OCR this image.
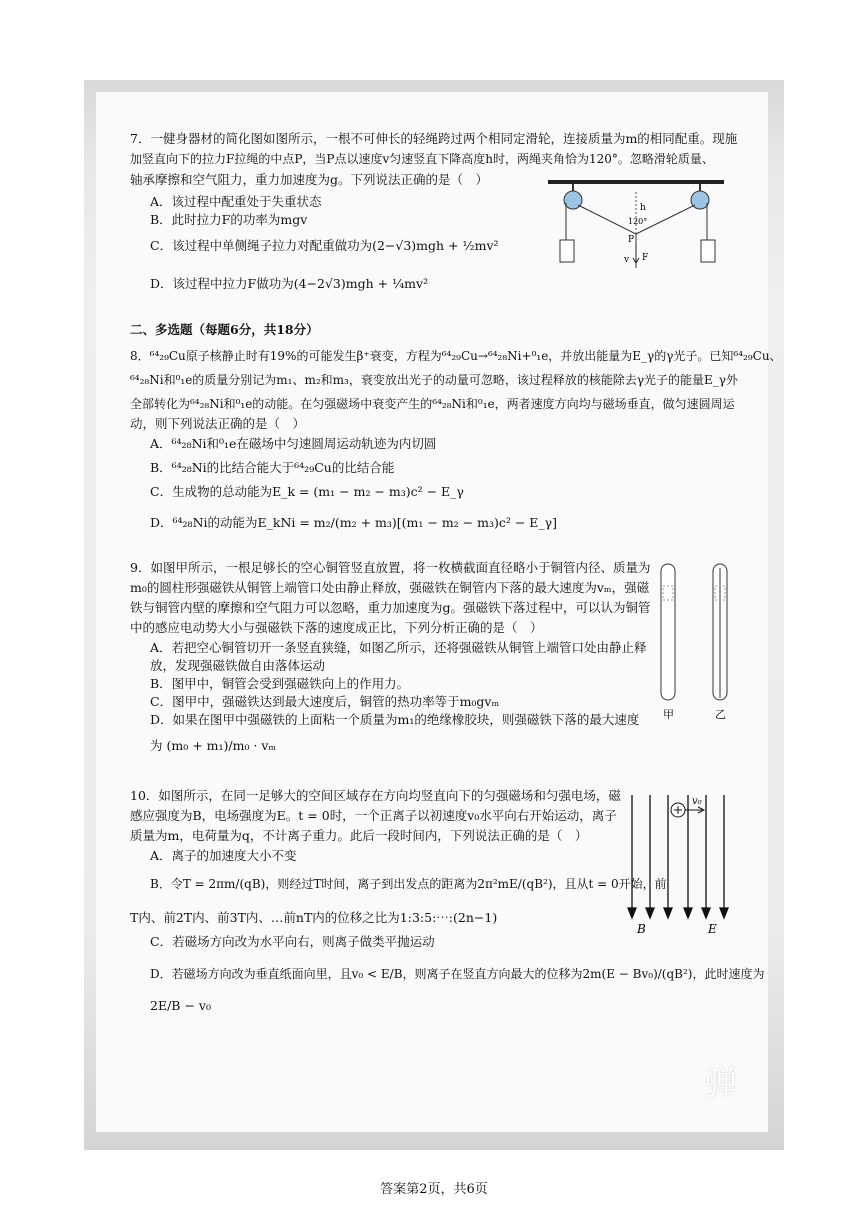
7．一健身器材的简化图如图所示，一根不可伸长的轻绳跨过两个相同定滑轮，连接质量为m的相同配重。现施
加竖直向下的拉力F拉绳的中点P，当P点以速度v匀速竖直下降高度h时，两绳夹角恰为120°。忽略滑轮质量、
轴承摩擦和空气阻力，重力加速度为g。下列说法正确的是（　）
A．该过程中配重处于失重状态
B．此时拉力F的功率为mgv
C．该过程中单侧绳子拉力对配重做功为(2−√3)mgh + ½mv²
D．该过程中拉力F做功为(4−2√3)mgh + ¼mv²
h
120°
P
v F
二、多选题（每题6分，共18分）
8．⁶⁴₂₉Cu原子核静止时有19%的可能发生β⁺衰变，方程为⁶⁴₂₉Cu→⁶⁴₂₈Ni+⁰₁e，并放出能量为E_γ的γ光子。已知⁶⁴₂₉Cu、
⁶⁴₂₈Ni和⁰₁e的质量分别记为m₁、m₂和m₃，衰变放出光子的动量可忽略，该过程释放的核能除去γ光子的能量E_γ外
全部转化为⁶⁴₂₈Ni和⁰₁e的动能。在匀强磁场中衰变产生的⁶⁴₂₈Ni和⁰₁e，两者速度方向均与磁场垂直，做匀速圆周运
动，则下列说法正确的是（　）
A．⁶⁴₂₈Ni和⁰₁e在磁场中匀速圆周运动轨迹为内切圆
B．⁶⁴₂₈Ni的比结合能大于⁶⁴₂₉Cu的比结合能
C．生成物的总动能为E_k = (m₁ − m₂ − m₃)c² − E_γ
D．⁶⁴₂₈Ni的动能为E_kNi = m₂/(m₂ + m₃)[(m₁ − m₂ − m₃)c² − E_γ]
9．如图甲所示，一根足够长的空心铜管竖直放置，将一枚横截面直径略小于铜管内径、质量为
m₀的圆柱形强磁铁从铜管上端管口处由静止释放，强磁铁在铜管内下落的最大速度为vₘ，强磁
铁与铜管内壁的摩擦和空气阻力可以忽略，重力加速度为g。强磁铁下落过程中，可以认为铜管
中的感应电动势大小与强磁铁下落的速度成正比，下列分析正确的是（　）
A．若把空心铜管切开一条竖直狭缝，如图乙所示，还将强磁铁从铜管上端管口处由静止释
放，发现强磁铁做自由落体运动
B．图甲中，铜管会受到强磁铁向上的作用力。
C．图甲中，强磁铁达到最大速度后，铜管的热功率等于m₀gvₘ
D．如果在图甲中强磁铁的上面粘一个质量为m₁的绝缘橡胶块，则强磁铁下落的最大速度
为 (m₀ + m₁)/m₀ · vₘ
甲	乙
10．如图所示，在同一足够大的空间区域存在方向均竖直向下的匀强磁场和匀强电场，磁
感应强度为B，电场强度为E。t = 0时，一个正离子以初速度v₀水平向右开始运动，离子
质量为m，电荷量为q，不计离子重力。此后一段时间内，下列说法正确的是（　）
A．离子的加速度大小不变
B．令T = 2πm/(qB)，则经过T时间，离子到出发点的距离为2π²mE/(qB²)，且从t = 0开始，前
T内、前2T内、前3T内、…前nT内的位移之比为1:3:5:⋯:(2n−1)
C．若磁场方向改为水平向右，则离子做类平抛运动
D．若磁场方向改为垂直纸面向里，且v₀ < E/B，则离子在竖直方向最大的位移为2m(E − Bv₀)/(qB²)，此时速度为
2E/B − v₀
v₀
B	E
弹
答案第2页，共6页
